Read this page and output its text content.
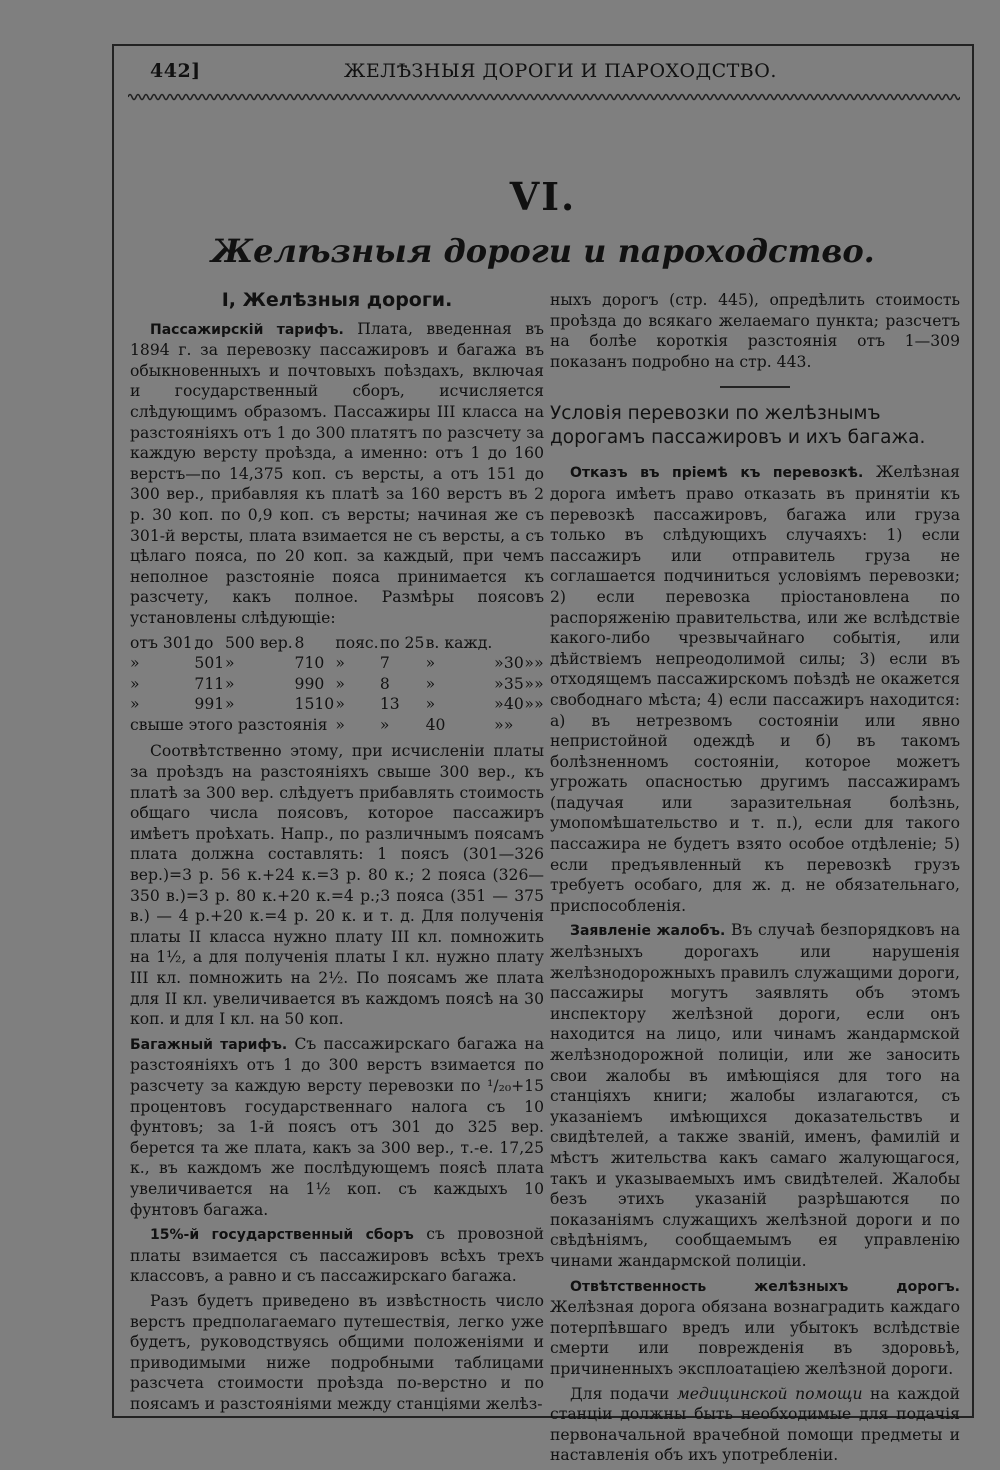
442]	ЖЕЛѢЗНЫЯ ДОРОГИ И ПАРОХОДСТВО.
VI.
Желѣзныя дороги и пароходство.
I, Желѣзныя дороги.

Пассажирскій тарифъ. Плата, введенная въ 1894 г. за перевозку пассажировъ и багажа въ обыкновенныхъ и почтовыхъ поѣздахъ, включая и государственный сборъ, исчисляется слѣдующимъ образомъ. Пассажиры III класса на разстояніяхъ отъ 1 до 300 платятъ по разсчету за каждую версту проѣзда, а именно: отъ 1 до 160 верстъ—по 14,375 коп. съ версты, а отъ 151 до 300 вер., прибавляя къ платѣ за 160 верстъ въ 2 р. 30 коп. по 0,9 коп. съ версты; начиная же съ 301-й версты, плата взимается не съ версты, а съ цѣлаго пояса, по 20 коп. за каждый, при чемъ неполное разстояніе пояса принимается къ разсчету, какъ полное. Размѣры поясовъ установлены слѣдующіе:

отъ 301	до	500 вер.	8	пояс.	по 25	в. кажд.				
»	501	»	710	»	7	»	»	30	»	»
»	711	»	990	»	8	»	»	35	»	»
»	991	»	1510	»	13	»	»	40	»	»
свыше этого разстоянія				»	»	40	»	»		

Соотвѣтственно этому, при исчисленіи платы за проѣздъ на разстояніяхъ свыше 300 вер., къ платѣ за 300 вер. слѣдуетъ прибавлять стоимость общаго числа поясовъ, которое пассажиръ имѣетъ проѣхать. Напр., по различнымъ поясамъ плата должна составлять: 1 поясъ (301—326 вер.)=3 р. 56 к.+24 к.=3 р. 80 к.; 2 пояса (326—350 в.)=3 р. 80 к.+20 к.=4 р.;3 пояса (351 — 375 в.) — 4 р.+20 к.=4 р. 20 к. и т. д. Для полученія платы II класса нужно плату III кл. помножить на 1½, а для полученія платы I кл. нужно плату III кл. помножить на 2½. По поясамъ же плата для II кл. увеличивается въ каждомъ поясѣ на 30 коп. и для I кл. на 50 коп.

Багажный тарифъ. Съ пассажирскаго багажа на разстояніяхъ отъ 1 до 300 верстъ взимается по разсчету за каждую версту перевозки по ¹/₂₀+15 процентовъ государственнаго налога съ 10 фунтовъ; за 1-й поясъ отъ 301 до 325 вер. берется та же плата, какъ за 300 вер., т.-е. 17,25 к., въ каждомъ же послѣдующемъ поясѣ плата увеличивается на 1½ коп. съ каждыхъ 10 фунтовъ багажа.

15%-й государственный сборъ съ провозной платы взимается съ пассажировъ всѣхъ трехъ классовъ, а равно и съ пассажирскаго багажа.

Разъ будетъ приведено въ извѣстность число верстъ предполагаемаго путешествія, легко уже будетъ, руководствуясь общими положеніями и приводимыми ниже подробными таблицами разсчета стоимости проѣзда по-верстно и по поясамъ и разстояніями между станціями желѣз-

ныхъ дорогъ (стр. 445), опредѣлить стоимость проѣзда до всякаго желаемаго пункта; разсчетъ на болѣе короткія разстоянія отъ 1—309 показанъ подробно на стр. 443.

Условія перевозки по желѣзнымъ дорогамъ пассажировъ и ихъ багажа.

Отказъ въ пріемѣ къ перевозкѣ. Желѣзная дорога имѣетъ право отказать въ принятіи къ перевозкѣ пассажировъ, багажа или груза только въ слѣдующихъ случаяхъ: 1) если пассажиръ или отправитель груза не соглашается подчиниться условіямъ перевозки; 2) если перевозка пріостановлена по распоряженію правительства, или же вслѣдствіе какого-либо чрезвычайнаго событія, или дѣйствіемъ непреодолимой силы; 3) если въ отходящемъ пассажирскомъ поѣздѣ не окажется свободнаго мѣста; 4) если пассажиръ находится: а) въ нетрезвомъ состояніи или явно непристойной одеждѣ и б) въ такомъ болѣзненномъ состояніи, которое можетъ угрожать опасностью другимъ пассажирамъ (падучая или заразительная болѣзнь, умопомѣшательство и т. п.), если для такого пассажира не будетъ взято особое отдѣленіе; 5) если предъявленный къ перевозкѣ грузъ требуетъ особаго, для ж. д. не обязательнаго, приспособленія.

Заявленіе жалобъ. Въ случаѣ безпорядковъ на желѣзныхъ дорогахъ или нарушенія желѣзнодорожныхъ правилъ служащими дороги, пассажиры могутъ заявлять объ этомъ инспектору желѣзной дороги, если онъ находится на лицо, или чинамъ жандармской желѣзнодорожной полиціи, или же заносить свои жалобы въ имѣющіяся для того на станціяхъ книги; жалобы излагаются, съ указаніемъ имѣющихся доказательствъ и свидѣтелей, а также званій, именъ, фамилій и мѣстъ жительства какъ самаго жалующагося, такъ и указываемыхъ имъ свидѣтелей. Жалобы безъ этихъ указаній разрѣшаются по показаніямъ служащихъ желѣзной дороги и по свѣдѣніямъ, сообщаемымъ ея управленію чинами жандармской полиціи.

Отвѣтственность желѣзныхъ дорогъ. Желѣзная дорога обязана вознаградить каждаго потерпѣвшаго вредъ или убытокъ вслѣдствіе смерти или поврежденія въ здоровьѣ, причиненныхъ эксплоатаціею желѣзной дороги.

Для подачи медицинской помощи на каждой станціи должны быть необходимые для подачія первоначальной врачебной помощи предметы и наставленія объ ихъ употребленіи.
